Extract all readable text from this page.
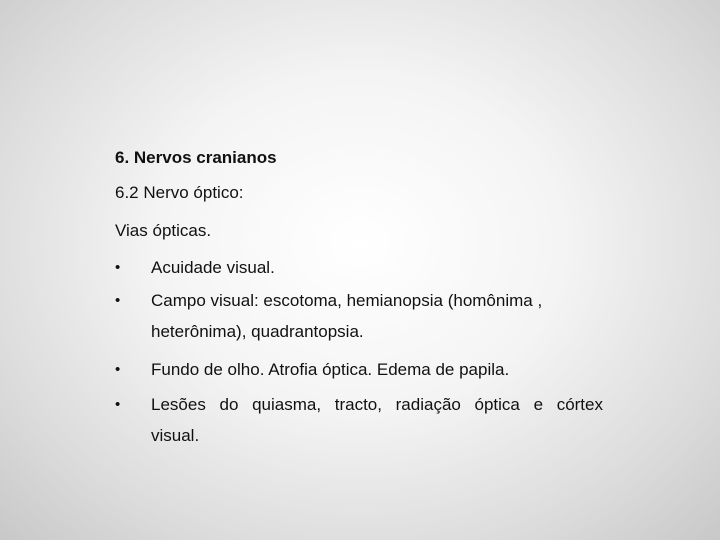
6. Nervos cranianos
6.2 Nervo óptico:
Vias ópticas.
• Acuidade visual.
• Campo visual: escotoma, hemianopsia (homônima , heterônima), quadrantopsia.
• Fundo de olho. Atrofia óptica. Edema de papila.
• Lesões do quiasma, tracto, radiação óptica e córtex visual.
